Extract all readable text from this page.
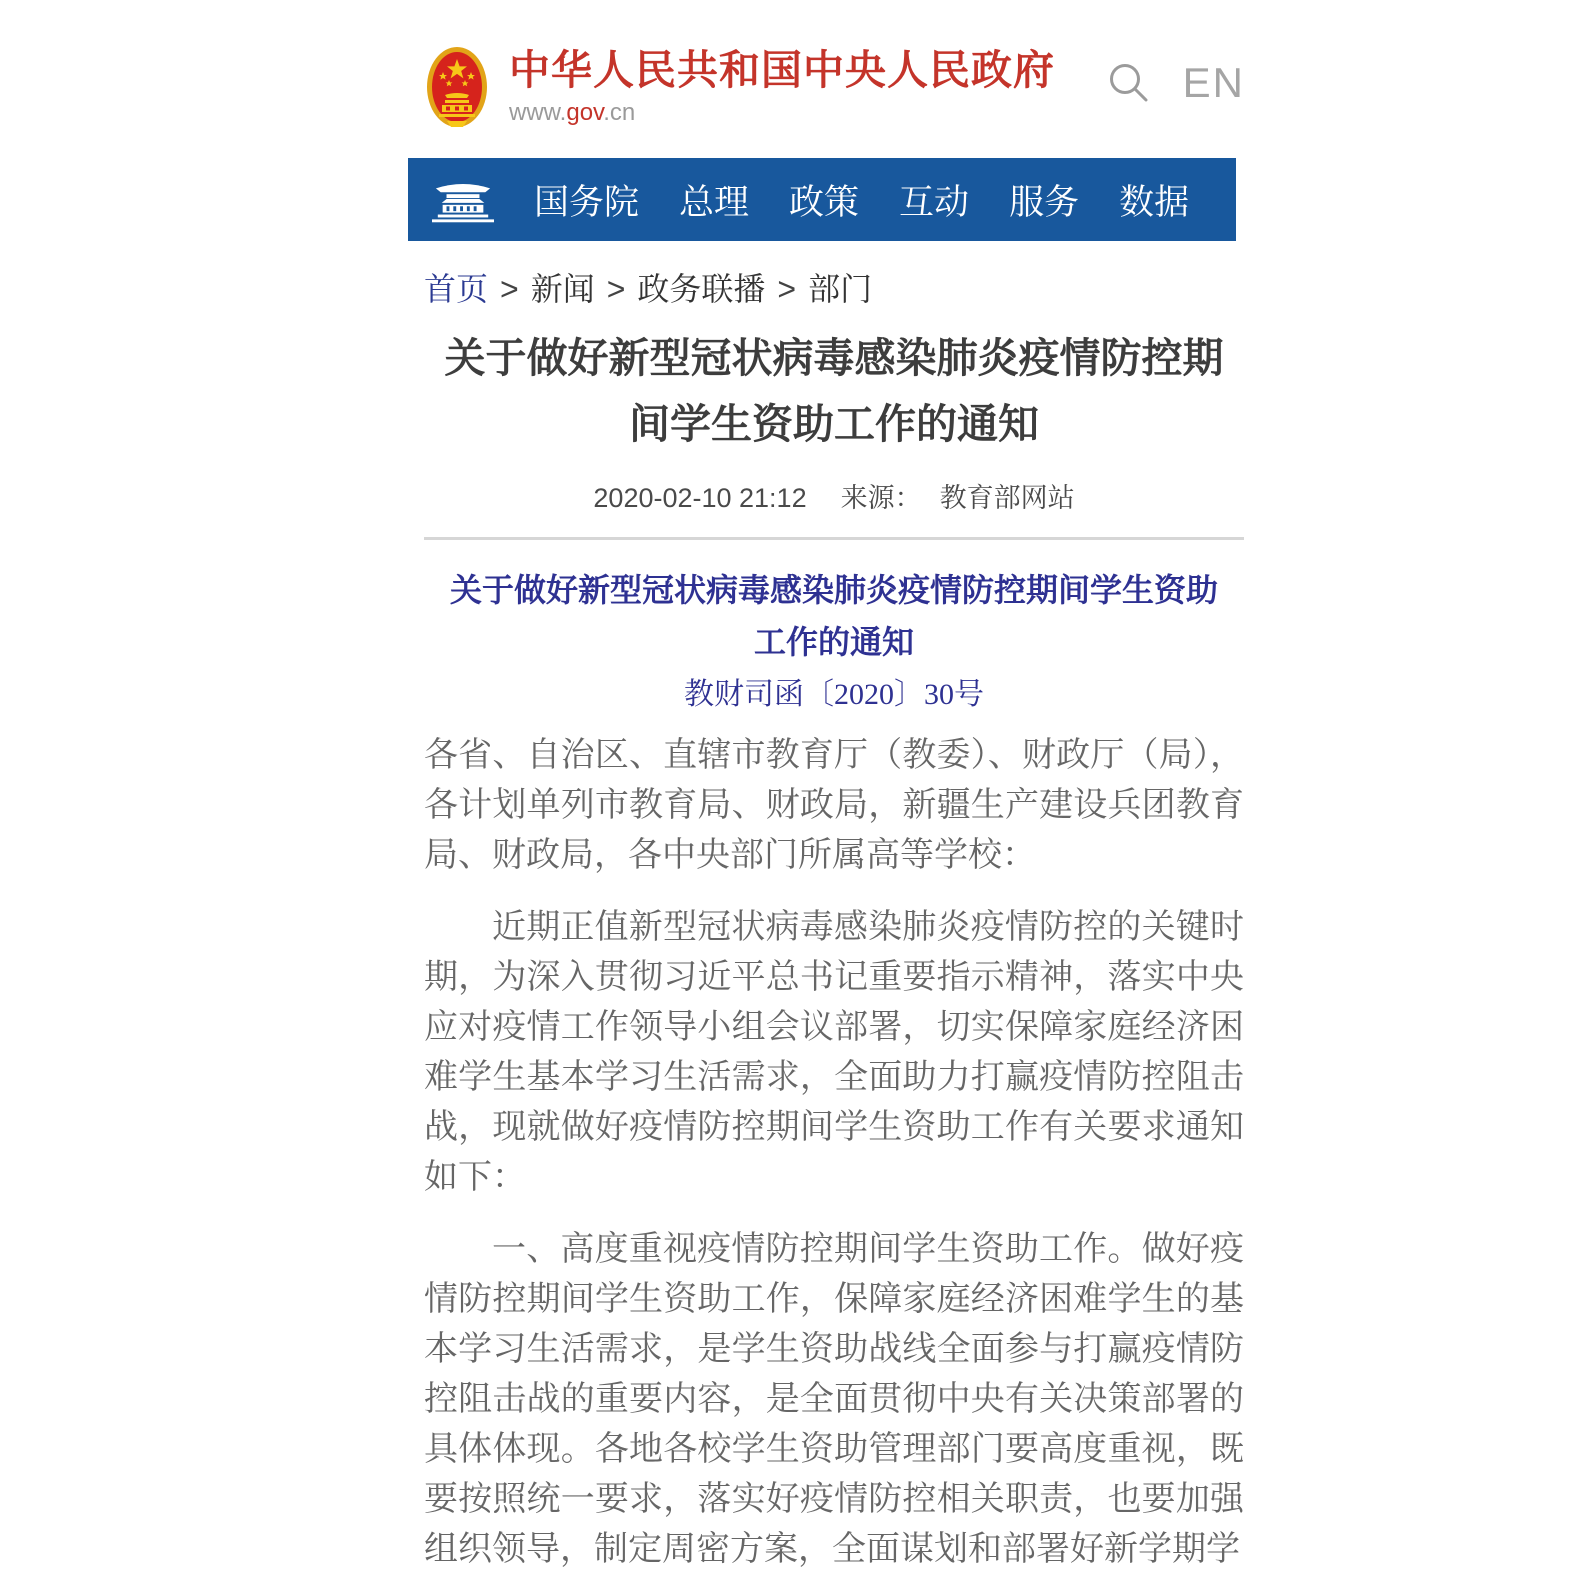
中华人民共和国中央人民政府
www.gov.cn
EN
国务院 总理 政策 互动 服务 数据	国
首页 > 新闻 > 政务联播 > 部门
关于做好新型冠状病毒感染肺炎疫情防控期
间学生资助工作的通知
2020-02-10 21:12 来源： 教育部网站
关于做好新型冠状病毒感染肺炎疫情防控期间学生资助
工作的通知
教财司函〔2020〕30号

各省、自治区、直辖市教育厅（教委）、财政厅（局），各计划单列市教育局、财政局，新疆生产建设兵团教育局、财政局，各中央部门所属高等学校：

近期正值新型冠状病毒感染肺炎疫情防控的关键时期，为深入贯彻习近平总书记重要指示精神，落实中央应对疫情工作领导小组会议部署，切实保障家庭经济困难学生基本学习生活需求，全面助力打赢疫情防控阻击战，现就做好疫情防控期间学生资助工作有关要求通知如下：

一、高度重视疫情防控期间学生资助工作。做好疫情防控期间学生资助工作，保障家庭经济困难学生的基本学习生活需求，是学生资助战线全面参与打赢疫情防控阻击战的重要内容，是全面贯彻中央有关决策部署的具体体现。各地各校学生资助管理部门要高度重视，既要按照统一要求，落实好疫情防控相关职责，也要加强组织领导，制定周密方案，全面谋划和部署好新学期学
